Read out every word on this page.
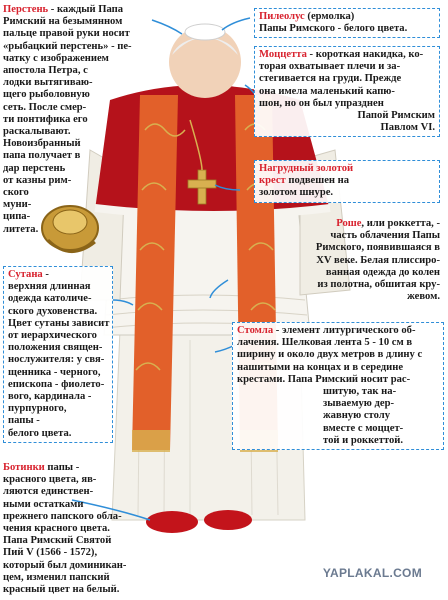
Перстень - каждый Папа
Римский на безымянном
пальце правой руки носит
«рыбацкий перстень» - пе-
чатку с изображением
апостола Петра, с
лодки вытягиваю-
щего рыболовную
сеть. После смер-
ти понтифика его
раскалывают.
Новоизбранный
папа получает в
дар перстень
от казны рим-
ского
муни-
ципа-
литета.
Пилеолус (ермолка)
Папы Римского - белого цвета.
Моццетта - короткая накидка, ко-
торая охватывает плечи и за-
стегивается на груди. Прежде
она имела маленький капю-
шон, но он был упразднен
Папой Римским
Павлом VI.
Нагрудный золотой
крест подвешен на
золотом шнуре.
Роше, или роккетта, -
часть облачения Папы
Римского, появившаяся в
XV веке. Белая плиссиро-
ванная одежда до колен
из полотна, обшитая кру-
жевом.
Сутана -
верхняя длинная
одежда католиче-
ского духовенства.
Цвет сутаны зависит
от иерархического
положения священ-
нослужителя: у свя-
щенника - черного,
епископа - фиолето-
вого, кардинала -
пурпурного,
папы -
белого цвета.
Стомла - элемент литургического об-
лачения. Шелковая лента 5 - 10 см в
ширину и около двух метров в длину с
нашитыми на концах и в середине
крестами. Папа Римский носит рас-
шитую, так на-
зываемую дер-
жавную столу
вместе с моццет-
той и роккеттой.
Ботинки папы -
красного цвета, яв-
ляются единствен-
ными остатками
прежнего папского обла-
чения красного цвета.
Папа Римский Святой
Пий V (1566 - 1572),
который был доминикан-
цем, изменил папский
красный цвет на белый.
YAPLAKAL.COM
